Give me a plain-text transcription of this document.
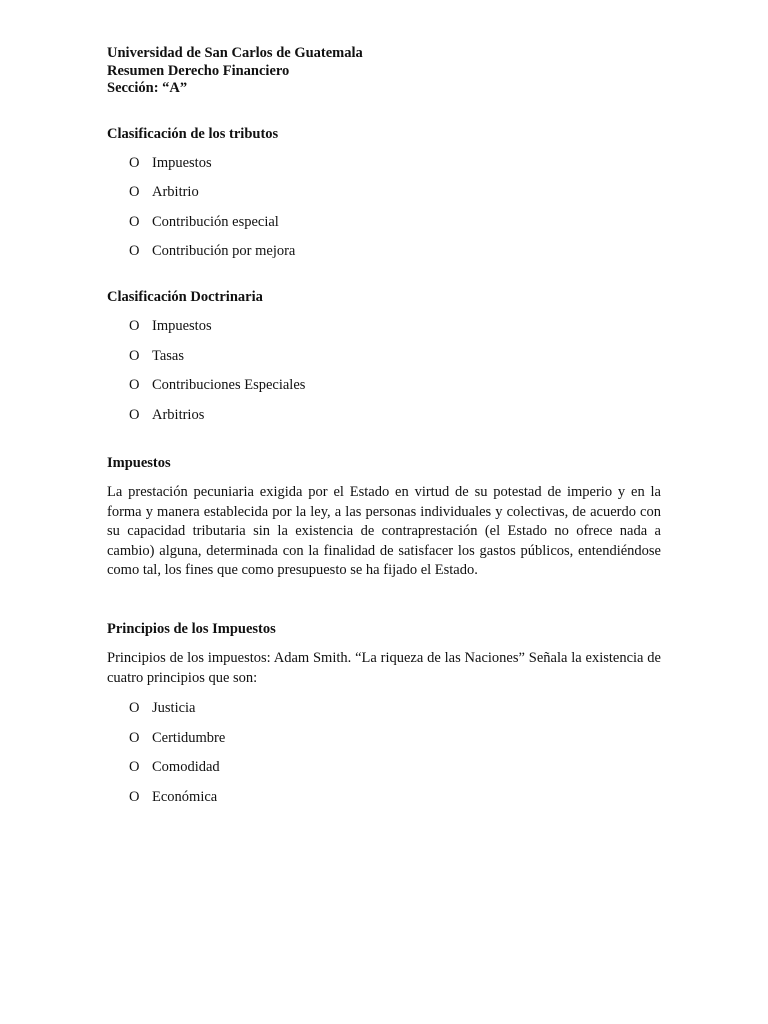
Universidad de San Carlos de Guatemala

Resumen Derecho Financiero

Sección: “A”

Clasificación de los tributos
O Impuestos
O Arbitrio
O Contribución especial
O Contribución por mejora
Clasificación Doctrinaria
O Impuestos
O Tasas
O Contribuciones Especiales
O Arbitrios
Impuestos

La prestación pecuniaria exigida por el Estado en virtud de su potestad de imperio y en la forma y manera establecida por la ley, a las personas individuales y colectivas, de acuerdo con su capacidad tributaria sin la existencia de contraprestación (el Estado no ofrece nada a cambio) alguna, determinada con la finalidad de satisfacer los gastos públicos, entendiéndose como tal, los fines que como presupuesto se ha fijado el Estado.

Principios de los Impuestos

Principios de los impuestos: Adam Smith. “La riqueza de las Naciones” Señala la existencia de cuatro principios que son:

O Justicia
O Certidumbre
O Comodidad
O Económica
